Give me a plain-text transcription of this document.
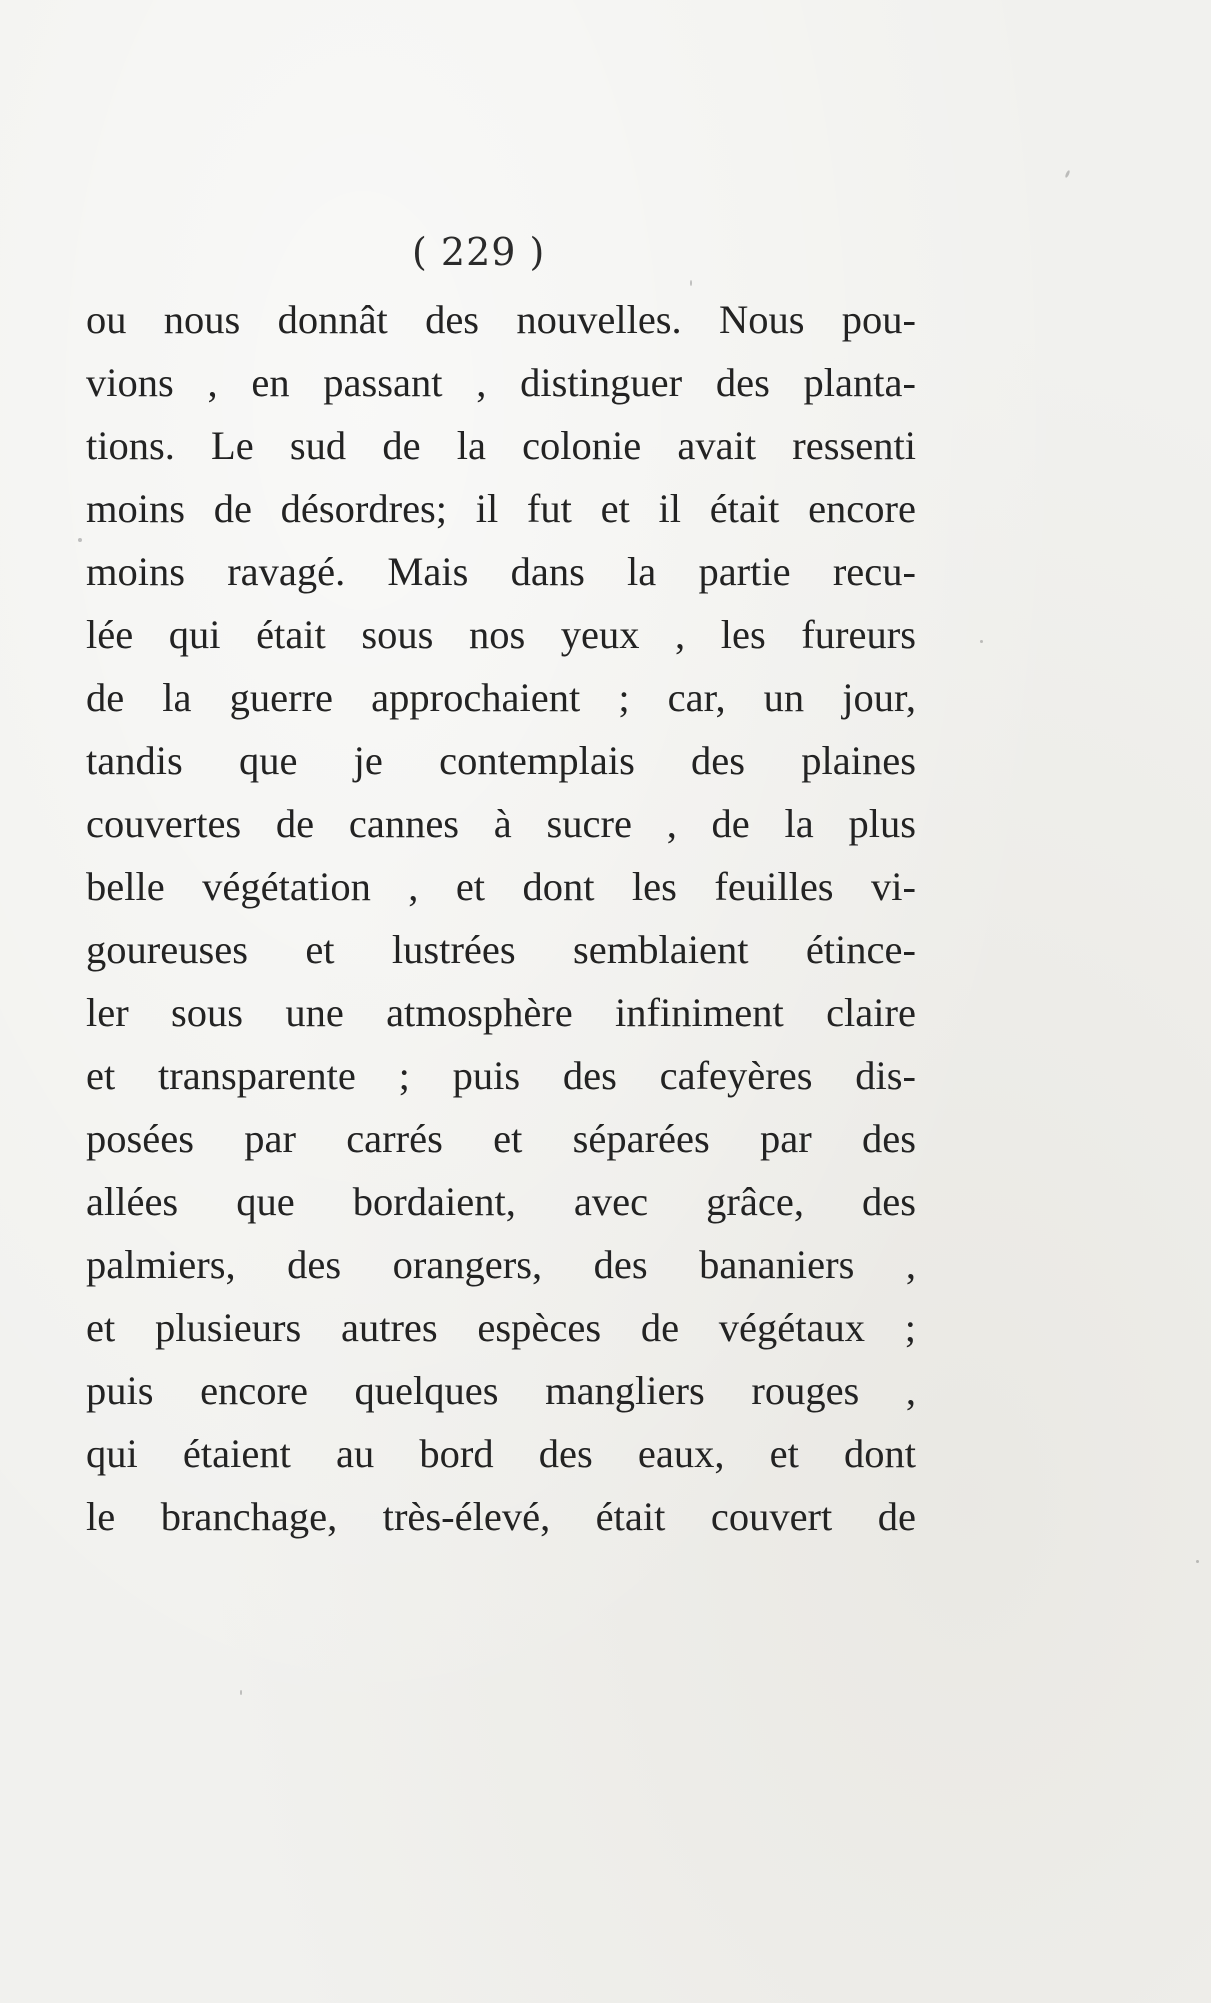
( 229 )
ou nous donnât des nouvelles. Nous pou-
vions , en passant , distinguer des planta-
tions. Le sud de la colonie avait ressenti
moins de désordres; il fut et il était encore
moins ravagé. Mais dans la partie recu-
lée qui était sous nos yeux , les fureurs
de la guerre approchaient ; car, un jour,
tandis que je contemplais des plaines
couvertes de cannes à sucre , de la plus
belle végétation , et dont les feuilles vi-
goureuses et lustrées semblaient étince-
ler sous une atmosphère infiniment claire
et transparente ; puis des cafeyères dis-
posées par carrés et séparées par des
allées que bordaient, avec grâce, des
palmiers, des orangers, des bananiers ,
et plusieurs autres espèces de végétaux ;
puis encore quelques mangliers rouges ,
qui étaient au bord des eaux, et dont
le branchage, très-élevé, était couvert de
